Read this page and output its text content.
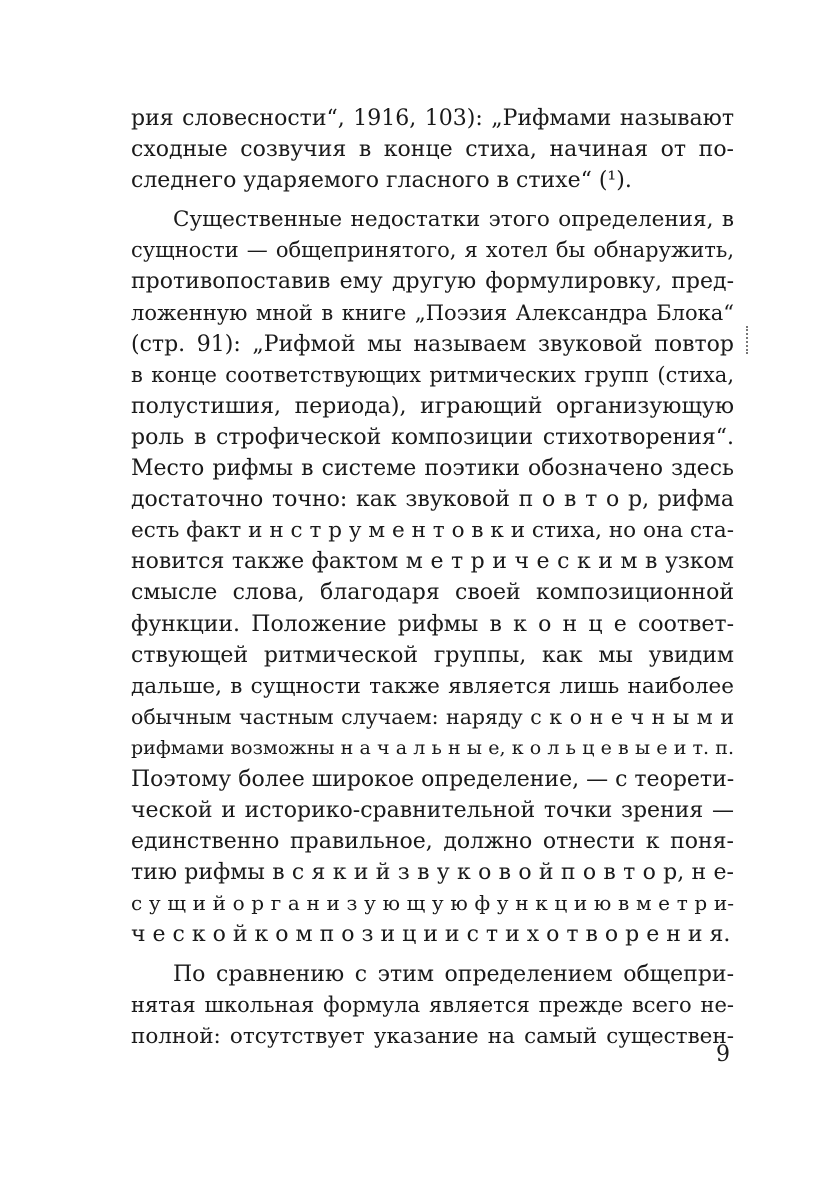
рия словесности“, 1916, 103): „Рифмами называют
сходные созвучия в конце стиха, начиная от по-
следнего ударяемого гласного в стихе“ (¹).
Существенные недостатки этого определения, в
сущности — общепринятого, я хотел бы обнаружить,
противопоставив ему другую формулировку, пред-
ложенную мной в книге „Поэзия Александра Блока“
(стр. 91): „Рифмой мы называем звуковой повтор
в конце соответствующих ритмических групп (стиха,
полустишия, периода), играющий организующую
роль в строфической композиции стихотворения“.
Место рифмы в системе поэтики обозначено здесь
достаточно точно: как звуковой п о в т о р, рифма
есть факт и н с т р у м е н т о в к и стиха, но она ста-
новится также фактом м е т р и ч е с к и м в узком
смысле слова, благодаря своей композиционной
функции. Положение рифмы в к о н ц е соответ-
ствующей ритмической группы, как мы увидим
дальше, в сущности также является лишь наиболее
обычным частным случаем: наряду с к о н е ч н ы м и
рифмами возможны н а ч а л ь н ы е, к о л ь ц е в ы е и т. п.
Поэтому более широкое определение, — с теорети-
ческой и историко-сравнительной точки зрения —
единственно правильное, должно отнести к поня-
тию рифмы в с я к и й з в у к о в о й п о в т о р, н е-
с у щ и й о р г а н и з у ю щ у ю ф у н к ц и ю в м е т р и-
ч е с к о й к о м п о з и ц и и с т и х о т в о р е н и я.
По сравнению с этим определением общепри-
нятая школьная формула является прежде всего не-
полной: отсутствует указание на самый существен-
9
